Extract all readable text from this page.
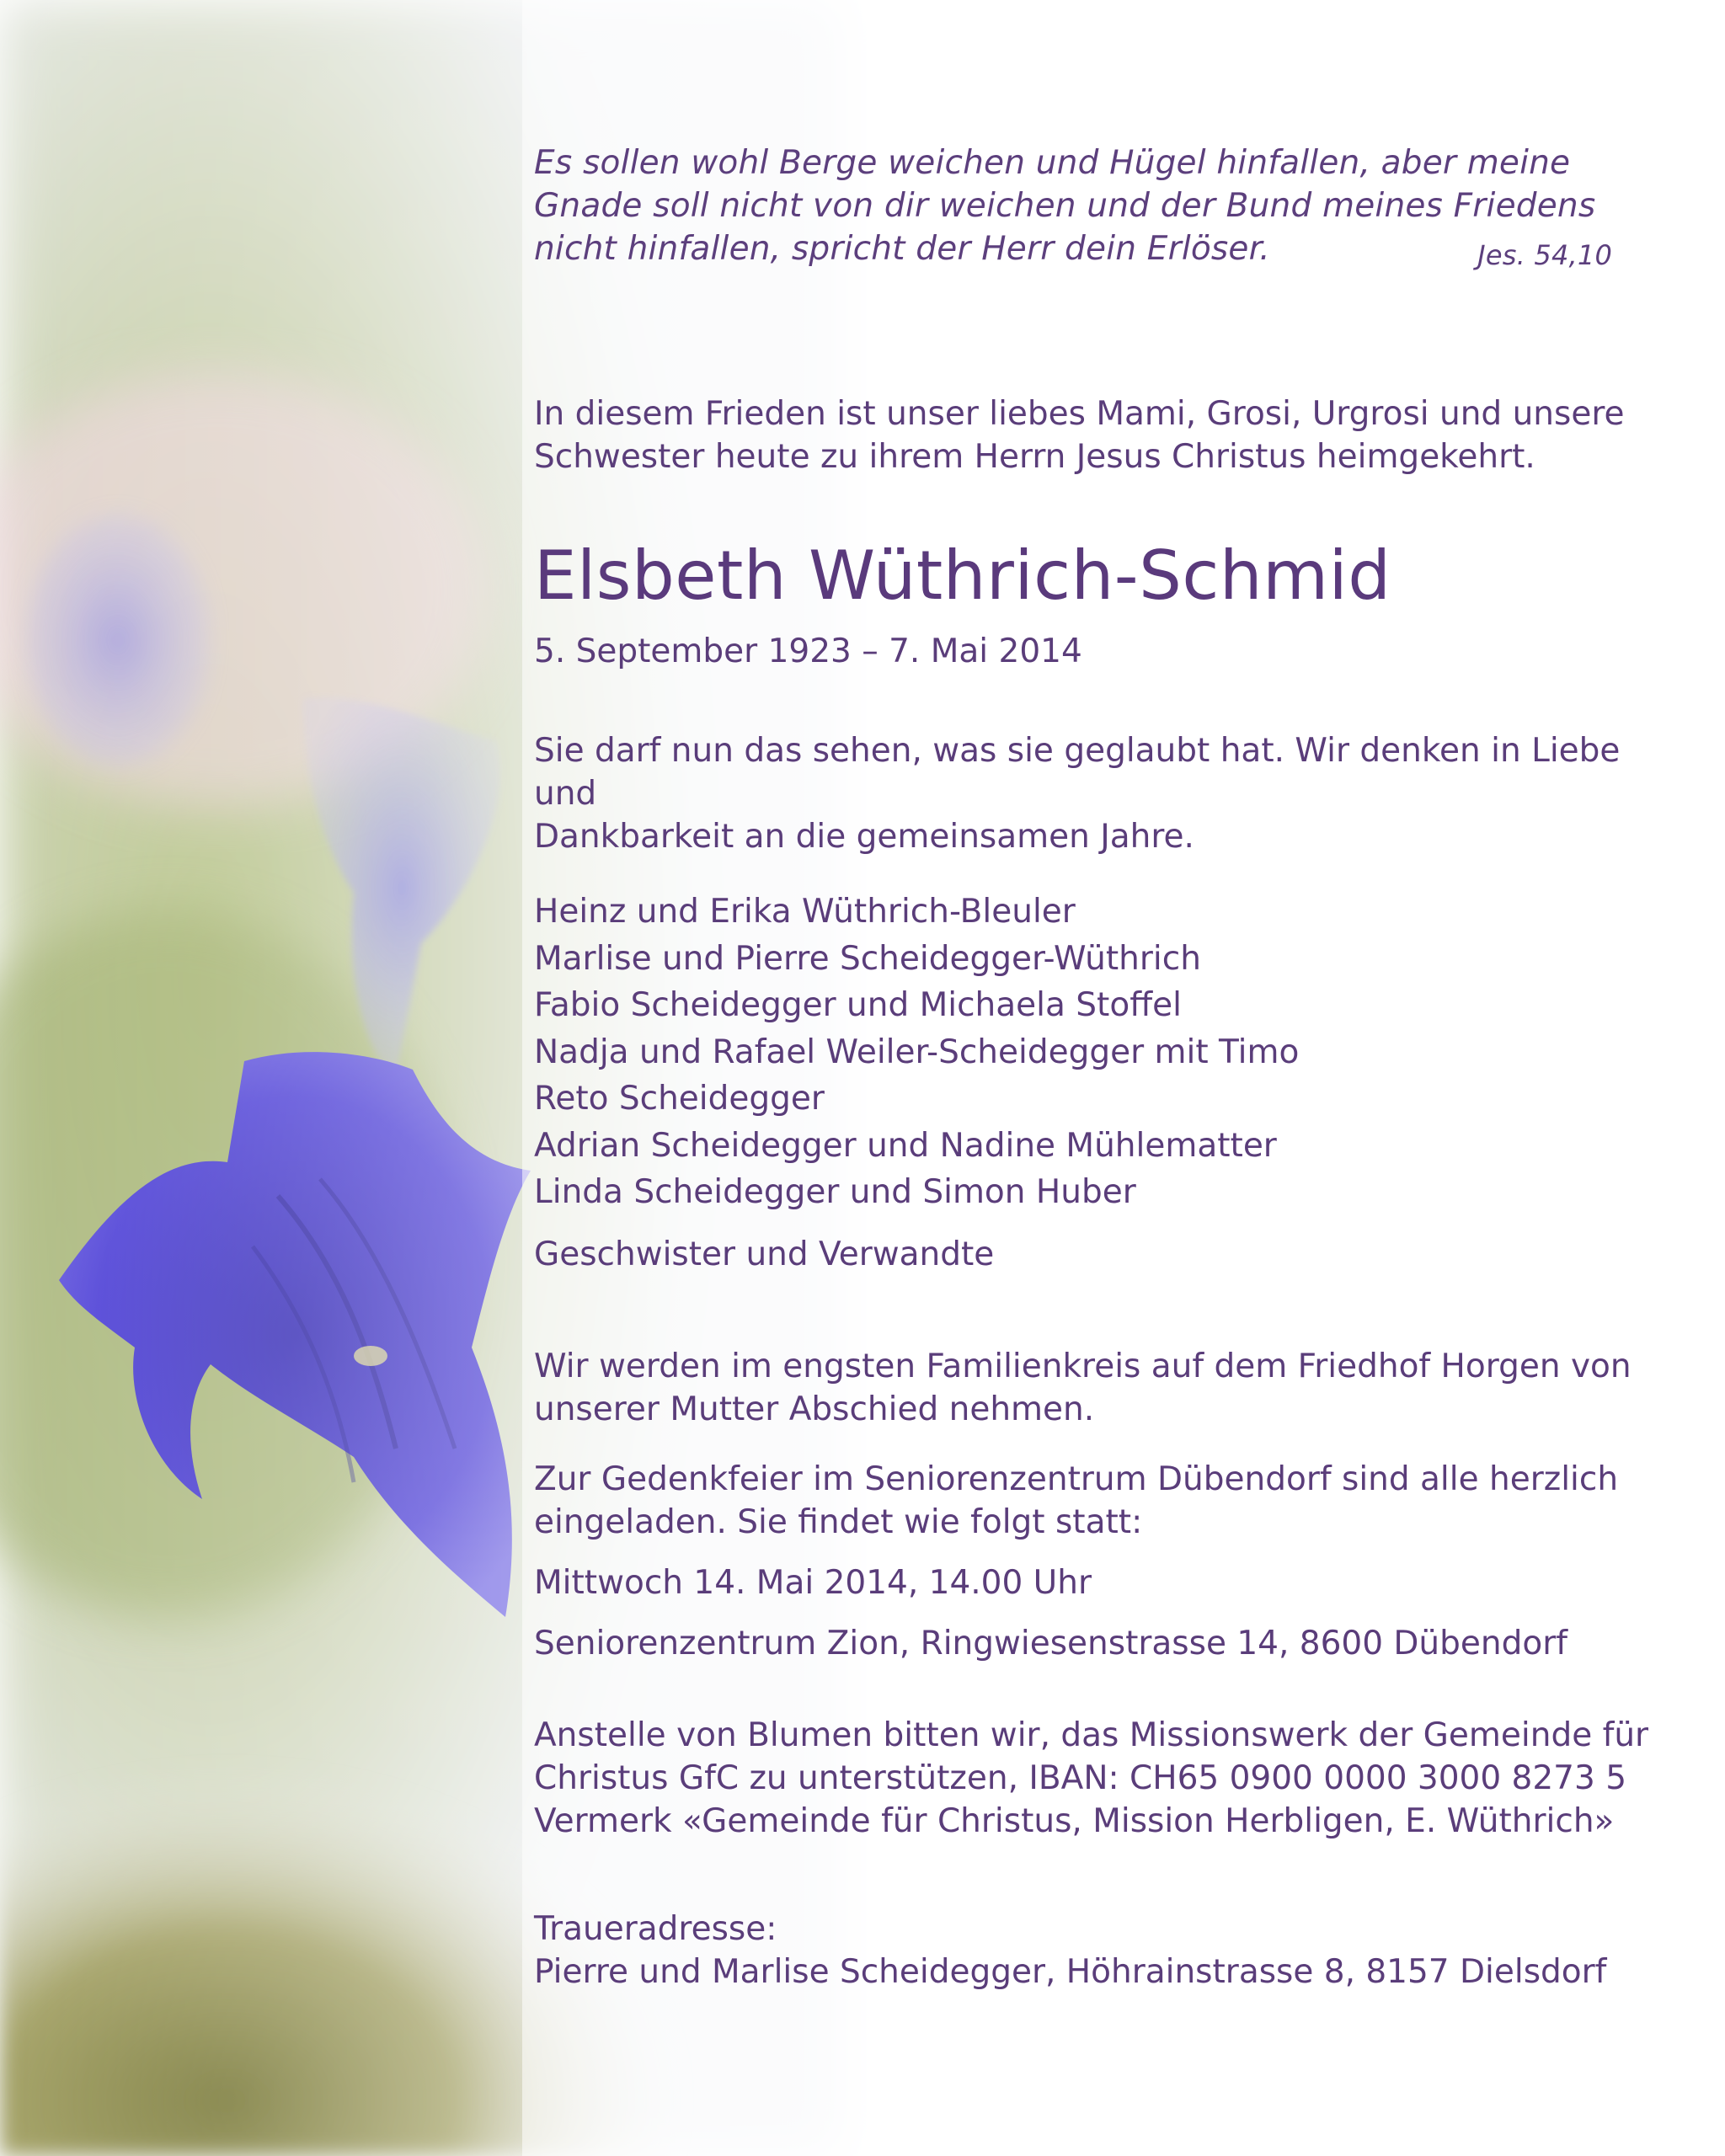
Es sollen wohl Berge weichen und Hügel hinfallen, aber meine
Gnade soll nicht von dir weichen und der Bund meines Friedens
nicht hinfallen, spricht der Herr dein Erlöser.	Jes. 54,10
In diesem Frieden ist unser liebes Mami, Grosi, Urgrosi und unsere
Schwester heute zu ihrem Herrn Jesus Christus heimgekehrt.
Elsbeth Wüthrich-Schmid
5. September 1923 – 7. Mai 2014
Sie darf nun das sehen, was sie geglaubt hat. Wir denken in Liebe und
Dankbarkeit an die gemeinsamen Jahre.
Heinz und Erika Wüthrich-Bleuler
Marlise und Pierre Scheidegger-Wüthrich
Fabio Scheidegger und Michaela Stoffel
Nadja und Rafael Weiler-Scheidegger mit Timo
Reto Scheidegger
Adrian Scheidegger und Nadine Mühlematter
Linda Scheidegger und Simon Huber
Geschwister und Verwandte
Wir werden im engsten Familienkreis auf dem Friedhof Horgen von
unserer Mutter Abschied nehmen.
Zur Gedenkfeier im Seniorenzentrum Dübendorf sind alle herzlich
eingeladen. Sie findet wie folgt statt:
Mittwoch 14. Mai 2014, 14.00 Uhr
Seniorenzentrum Zion, Ringwiesenstrasse 14, 8600 Dübendorf
Anstelle von Blumen bitten wir, das Missionswerk der Gemeinde für
Christus GfC zu unterstützen, IBAN: CH65 0900 0000 3000 8273 5
Vermerk «Gemeinde für Christus, Mission Herbligen, E. Wüthrich»
Traueradresse:
Pierre und Marlise Scheidegger, Höhrainstrasse 8, 8157 Dielsdorf
